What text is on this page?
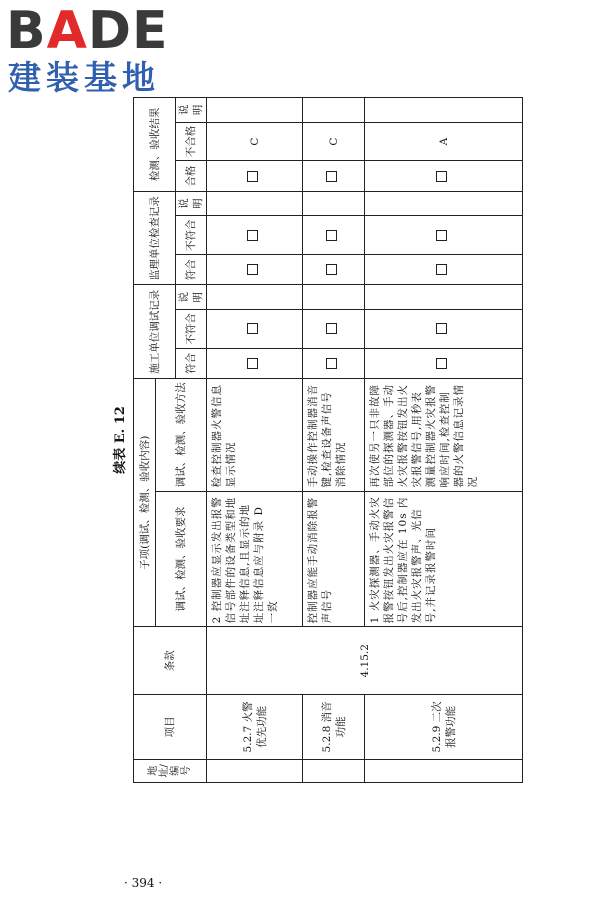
BADE
建装基地
续表 E. 12
地址/编号	项目	条款	子项(调试、检测、验收内容)		施工单位调试记录			监理单位检查记录			检测、验收结果		
			调试、检测、验收要求	调试、检测、验收方法									
					符合	不符合	说明	符合	不符合	说明	合格	不合格	说明
	5.2.7 火警优先功能	4.15.2	2 控制器应显示发出报警信号部件的设备类型和地址注释信息,且显示的地址注释信息应与附录 D 一致	检查控制器火警信息显示情况								C	
	5.2.8 消音功能		控制器应能手动消除报警声信号	手动操作控制器消音键,检查设备声信号消除情况								C	
	5.2.9 二次报警功能		1 火灾探测器、手动火灾报警按钮发出火灾报警信号后,控制器应在 10s 内发出火灾报警声、光信号,并记录报警时间	再次使另一只非故障部位的探测器、手动火灾报警按钮发出火灾报警信号,用秒表测量控制器火灾报警响应时间,检查控制器的火警信息记录情况								A	
· 394 ·
